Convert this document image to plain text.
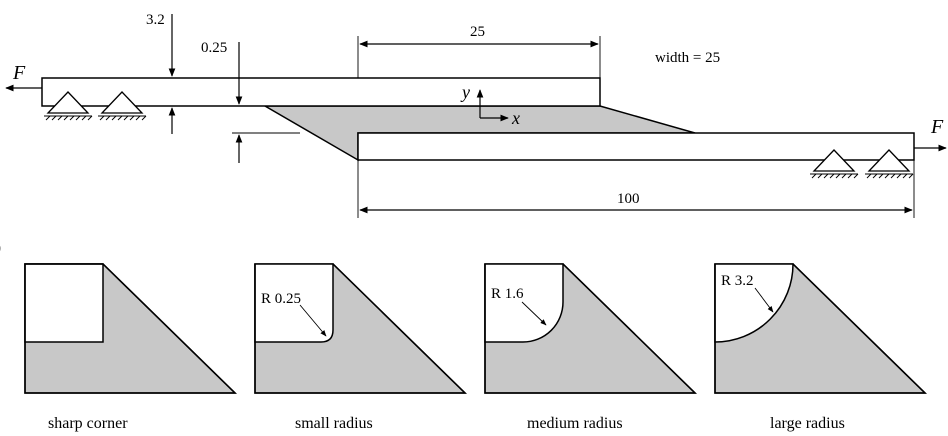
F
F
3.2
0.25
25
width = 25
y
x
100
R 0.25	R 1.6
R 3.2
sharp corner	small radius	medium radius	large radius
